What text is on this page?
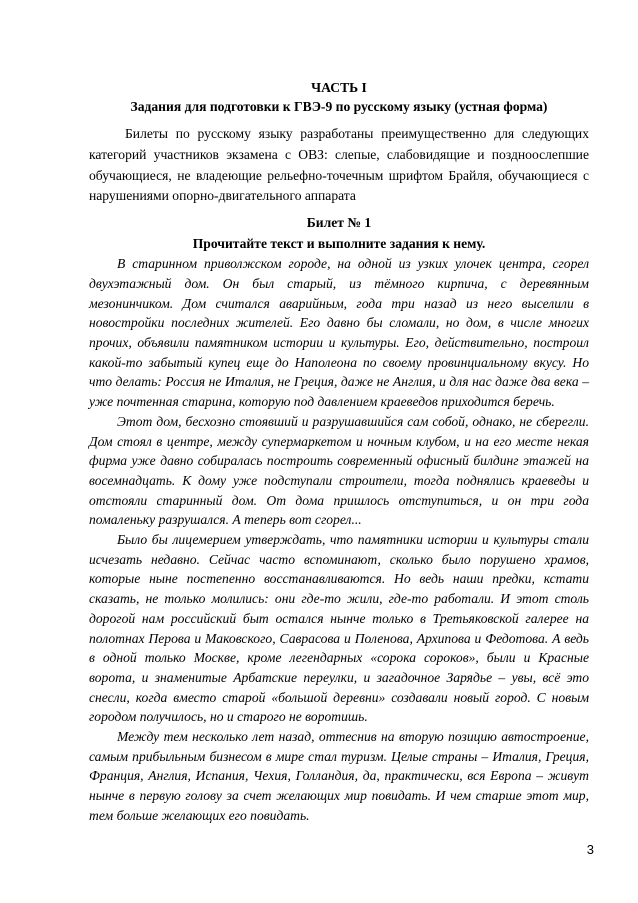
ЧАСТЬ I

Задания для подготовки к ГВЭ-9 по русскому языку (устная форма)

Билеты по русскому языку разработаны преимущественно для следующих категорий участников экзамена с ОВЗ: слепые, слабовидящие и поздноослепшие обучающиеся, не владеющие рельефно-точечным шрифтом Брайля, обучающиеся с нарушениями опорно-двигательного аппарата

Билет № 1

Прочитайте текст и выполните задания к нему.

В старинном приволжском городе, на одной из узких улочек центра, сгорел двухэтажный дом. Он был старый, из тёмного кирпича, с деревянным мезонинчиком. Дом считался аварийным, года три назад из него выселили в новостройки последних жителей. Его давно бы сломали, но дом, в числе многих прочих, объявили памятником истории и культуры. Его, действительно, построил какой-то забытый купец еще до Наполеона по своему провинциальному вкусу. Но что делать: Россия не Италия, не Греция, даже не Англия, и для нас даже два века – уже почтенная старина, которую под давлением краеведов приходится беречь.

Этот дом, бесхозно стоявший и разрушавшийся сам собой, однако, не сберегли. Дом стоял в центре, между супермаркетом и ночным клубом, и на его месте некая фирма уже давно собиралась построить современный офисный билдинг этажей на восемнадцать. К дому уже подступали строители, тогда поднялись краеведы и отстояли старинный дом. От дома пришлось отступиться, и он три года помаленьку разрушался. А теперь вот сгорел...

Было бы лицемерием утверждать, что памятники истории и культуры стали исчезать недавно. Сейчас часто вспоминают, сколько было порушено храмов, которые ныне постепенно восстанавливаются. Но ведь наши предки, кстати сказать, не только молились: они где-то жили, где-то работали. И этот столь дорогой нам российский быт остался нынче только в Третьяковской галерее на полотнах Перова и Маковского, Саврасова и Поленова, Архипова и Федотова. А ведь в одной только Москве, кроме легендарных «сорока сороков», были и Красные ворота, и знаменитые Арбатские переулки, и загадочное Зарядье – увы, всё это снесли, когда вместо старой «большой деревни» создавали новый город. С новым городом получилось, но и старого не воротишь.

Между тем несколько лет назад, оттеснив на вторую позицию автостроение, самым прибыльным бизнесом в мире стал туризм. Целые страны – Италия, Греция, Франция, Англия, Испания, Чехия, Голландия, да, практически, вся Европа – живут нынче в первую голову за счет желающих мир повидать. И чем старше этот мир, тем больше желающих его повидать.

3
